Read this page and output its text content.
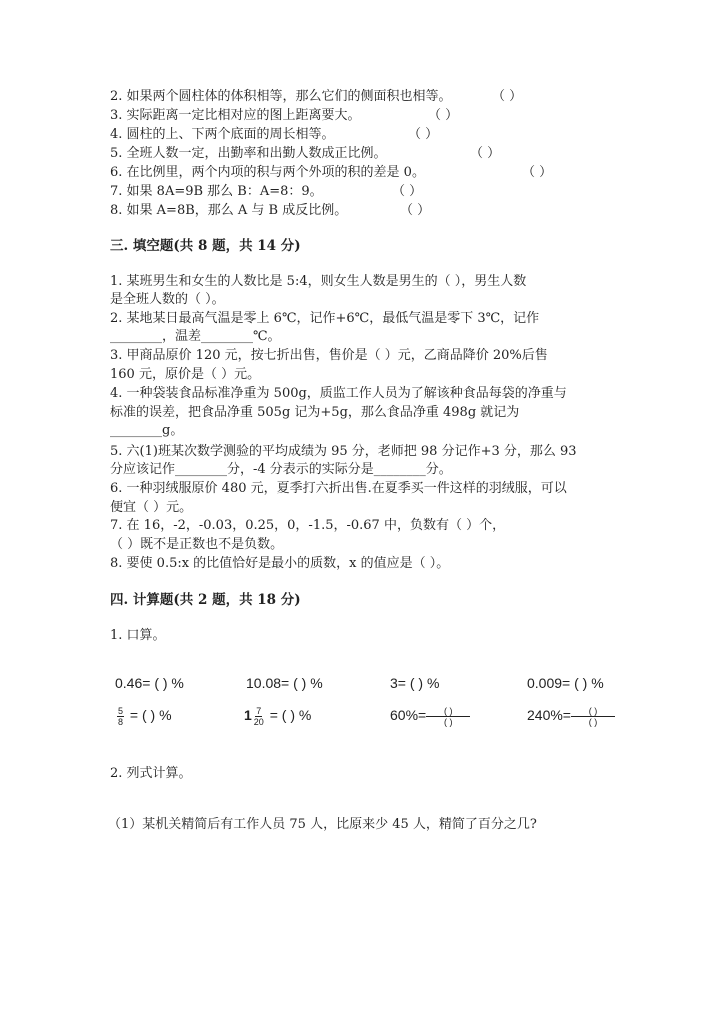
2. 如果两个圆柱体的体积相等，那么它们的侧面积也相等。	（ ）
3. 实际距离一定比相对应的图上距离要大。	（ ）
4. 圆柱的上、下两个底面的周长相等。	（ ）
5. 全班人数一定，出勤率和出勤人数成正比例。	（ ）
6. 在比例里，两个内项的积与两个外项的积的差是 0。	（ ）
7. 如果 8A=9B 那么 B：A=8：9。	（ ）
8. 如果 A=8B，那么 A 与 B 成反比例。	（ ）
三. 填空题(共 8 题，共 14 分)
1. 某班男生和女生的人数比是 5:4，则女生人数是男生的（ ），男生人数
是全班人数的（ ）。
2. 某地某日最高气温是零上 6℃，记作+6℃，最低气温是零下 3℃，记作
________，温差________℃。
3. 甲商品原价 120 元，按七折出售，售价是（ ）元，乙商品降价 20%后售
160 元，原价是（ ）元。
4. 一种袋装食品标准净重为 500g，质监工作人员为了解该种食品每袋的净重与
标准的误差，把食品净重 505g 记为+5g，那么食品净重 498g 就记为
________g。
5. 六(1)班某次数学测验的平均成绩为 95 分，老师把 98 分记作+3 分，那么 93
分应该记作________分，-4 分表示的实际分是________分。
6. 一种羽绒服原价 480 元，夏季打六折出售.在夏季买一件这样的羽绒服，可以
便宜（ ）元。
7. 在 16，-2，-0.03，0.25，0，-1.5，-0.67 中，负数有（ ）个，
（ ）既不是正数也不是负数。
8. 要使 0.5:x 的比值恰好是最小的质数，x 的值应是（ ）。
四. 计算题(共 2 题，共 18 分)
1. 口算。
0.46= ( ) %	10.08= ( ) %	3= ( ) %	0.009= ( ) %
$\frac{5}{8}$ = ( ) %	$1 \frac{7}{20}$ = ( ) %	$60\%= \frac{( )}{( )}$	$240\%= \frac{( )}{( )}$
2. 列式计算。
（1）某机关精简后有工作人员 75 人，比原来少 45 人，精简了百分之几?
